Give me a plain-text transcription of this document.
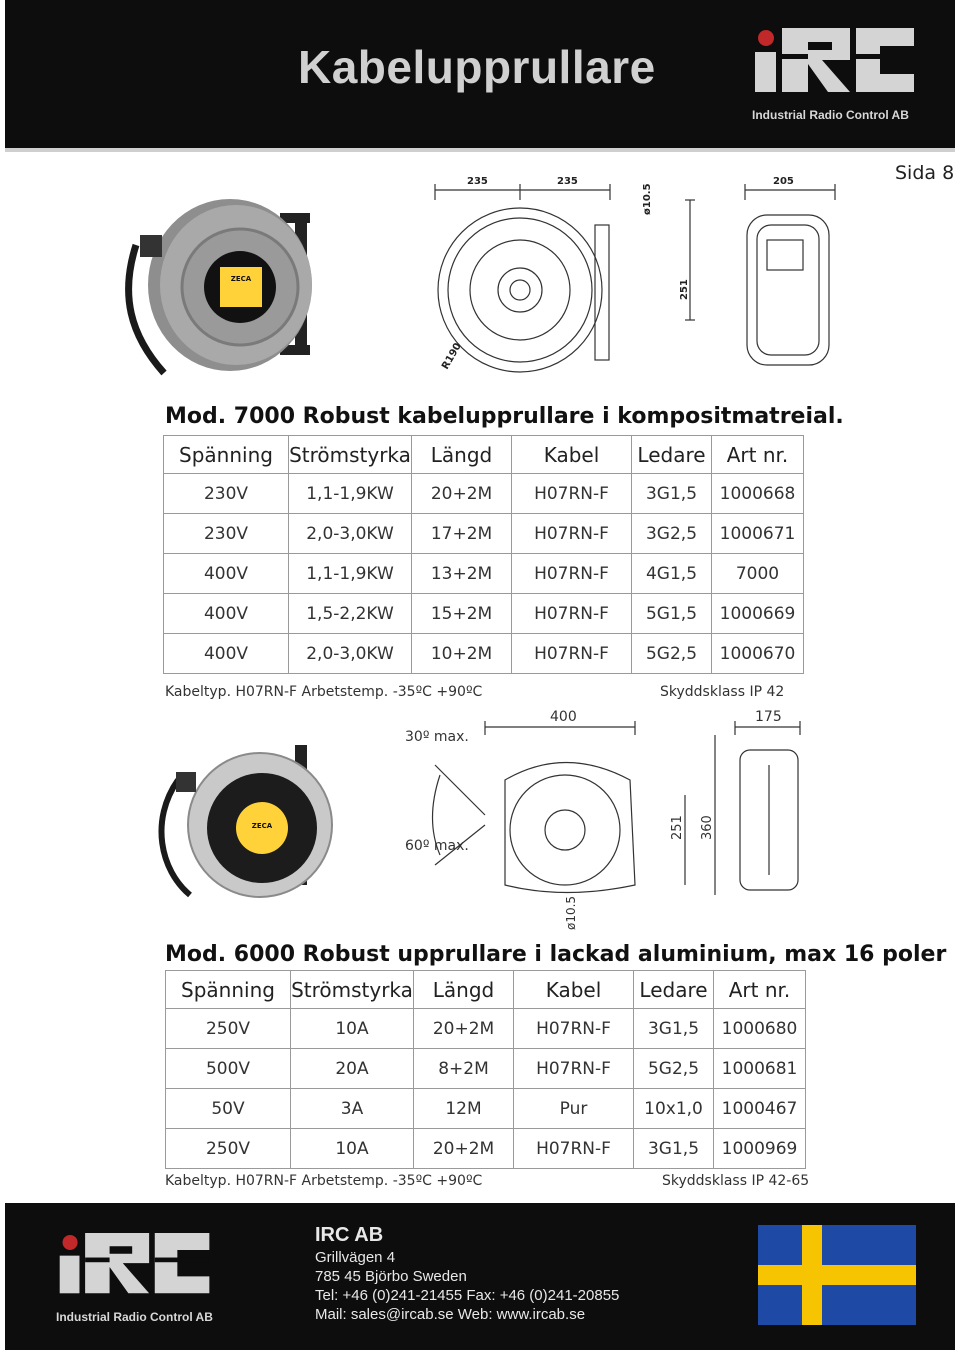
Kabelupprullare
Industrial Radio Control AB
Sida 8
ZECA
235	235	205
ø10.5
251
R190
Mod. 7000 Robust kabelupprullare i kompositmatreial.
Spänning	Strömstyrka	Längd	Kabel	Ledare	Art nr.
230V	1,1-1,9KW	20+2M	H07RN-F	3G1,5	1000668
230V	2,0-3,0KW	17+2M	H07RN-F	3G2,5	1000671
400V	1,1-1,9KW	13+2M	H07RN-F	4G1,5	7000
400V	1,5-2,2KW	15+2M	H07RN-F	5G1,5	1000669
400V	2,0-3,0KW	10+2M	H07RN-F	5G2,5	1000670
Kabeltyp. H07RN-F Arbetstemp. -35ºC +90ºC	Skyddsklass IP 42
ZECA
400	175
30º max.
60º max.
251 360
ø10.5
Mod. 6000 Robust upprullare i lackad aluminium, max 16 poler
Spänning	Strömstyrka	Längd	Kabel	Ledare	Art nr.
250V	10A	20+2M	H07RN-F	3G1,5	1000680
500V	20A	8+2M	H07RN-F	5G2,5	1000681
50V	3A	12M	Pur	10x1,0	1000467
250V	10A	20+2M	H07RN-F	3G1,5	1000969
Kabeltyp. H07RN-F Arbetstemp. -35ºC +90ºC	Skyddsklass IP 42-65
Industrial Radio Control AB
IRC AB
Grillvägen 4
785 45 Björbo Sweden
Tel: +46 (0)241-21455 Fax: +46 (0)241-20855
Mail: sales@ircab.se Web: www.ircab.se
